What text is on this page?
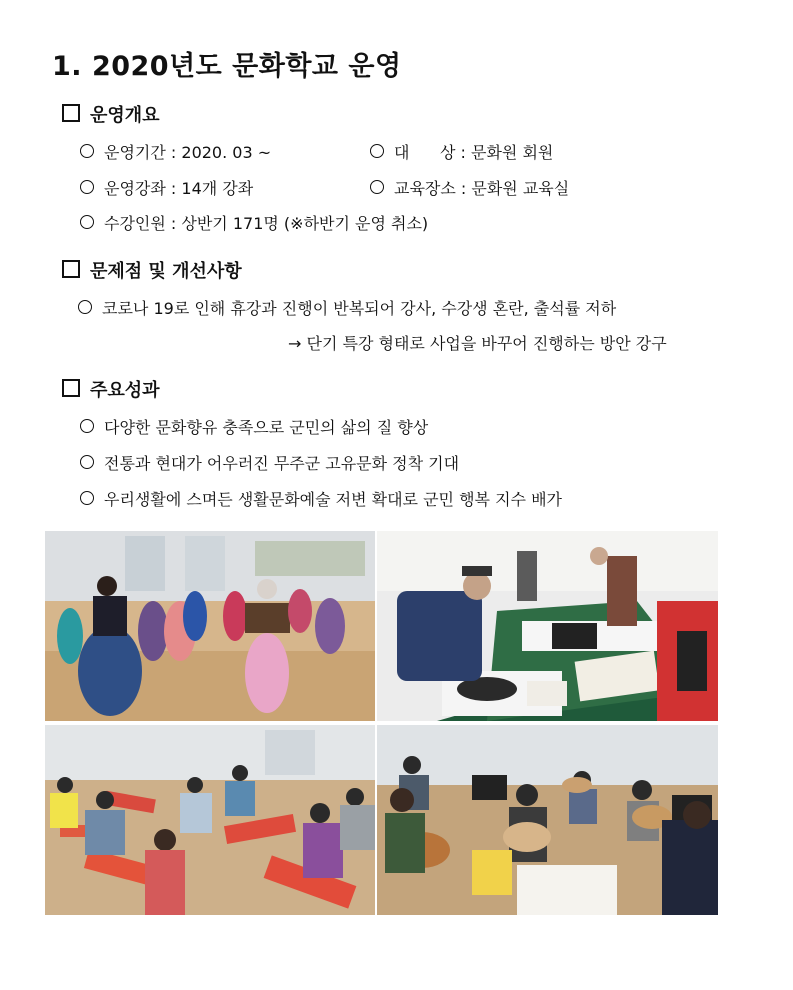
1. 2020년도 문화학교 운영
운영개요
운영기간 : 2020. 03 ~	대      상 : 문화원 회원
운영강좌 : 14개 강좌	교육장소 : 문화원 교육실
수강인원 : 상반기 171명 (※하반기 운영 취소)
문제점 및 개선사항
코로나 19로 인해 휴강과 진행이 반복되어 강사, 수강생 혼란, 출석률 저하
→ 단기 특강 형태로 사업을 바꾸어 진행하는 방안 강구
주요성과
다양한 문화향유 충족으로 군민의 삶의 질 향상
전통과 현대가 어우러진 무주군 고유문화 정착 기대
우리생활에 스며든 생활문화예술 저변 확대로 군민 행복 지수 배가
